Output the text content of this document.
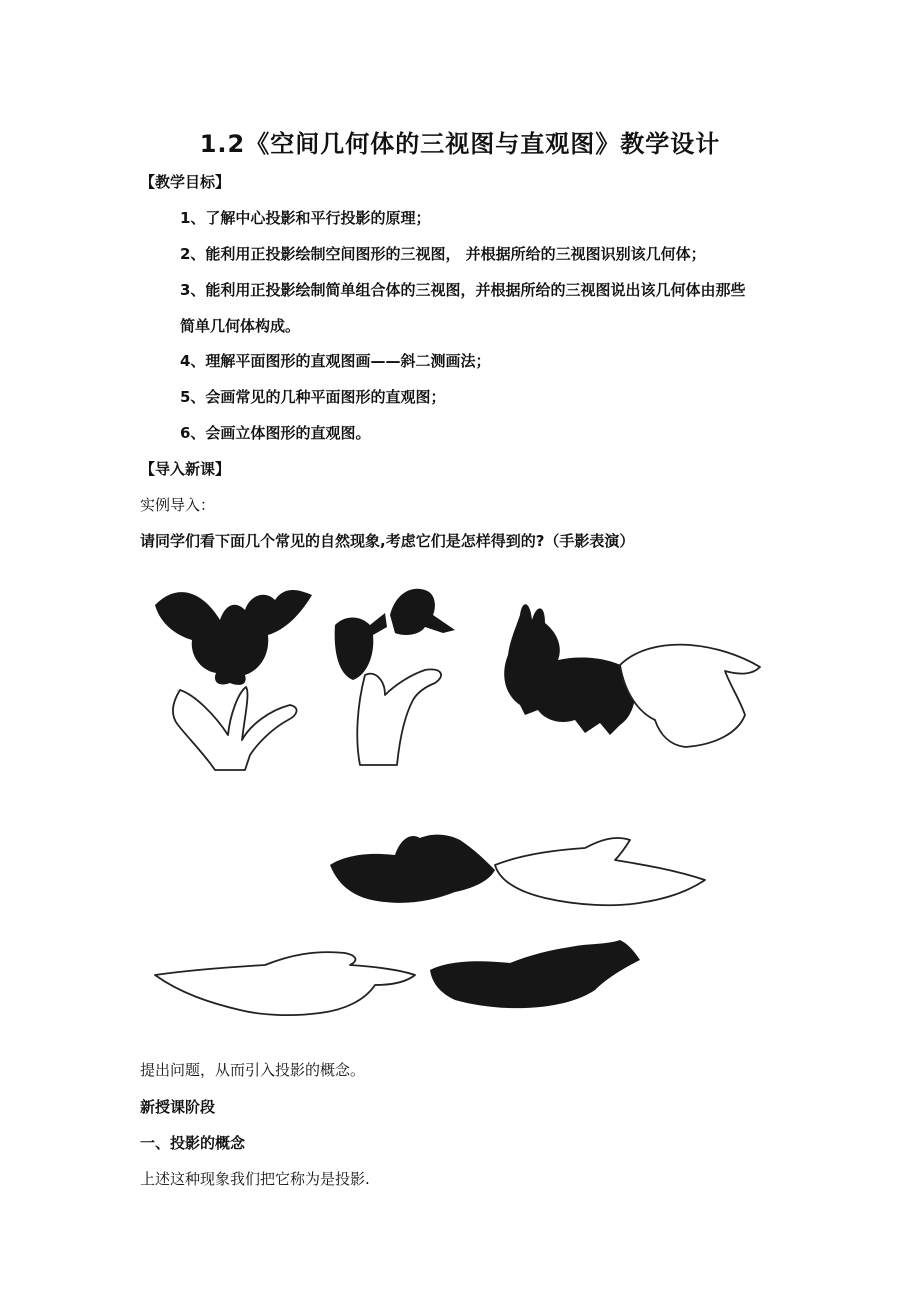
1.2《空间几何体的三视图与直观图》教学设计
【教学目标】
1、了解中心投影和平行投影的原理；
2、能利用正投影绘制空间图形的三视图， 并根据所给的三视图识别该几何体；
3、能利用正投影绘制简单组合体的三视图，并根据所给的三视图说出该几何体由那些
简单几何体构成。
4、理解平面图形的直观图画——斜二测画法；
5、会画常见的几种平面图形的直观图；
6、会画立体图形的直观图。
【导入新课】
实例导入：
请同学们看下面几个常见的自然现象,考虑它们是怎样得到的?（手影表演）
提出问题，从而引入投影的概念。
新授课阶段
一、投影的概念
上述这种现象我们把它称为是投影.
